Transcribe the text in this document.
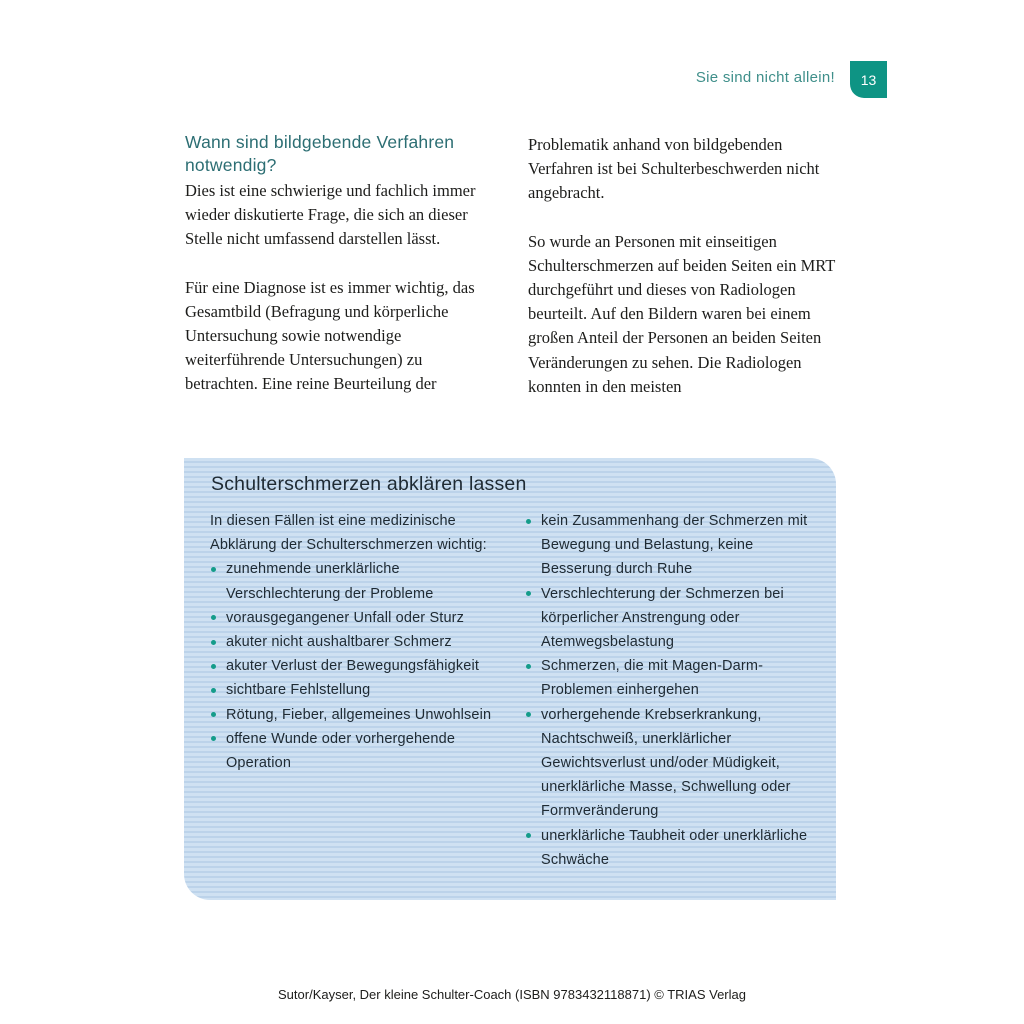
Sie sind nicht allein!	13
Wann sind bildgebende Verfahren notwendig?

Dies ist eine schwierige und fachlich immer wieder diskutierte Frage, die sich an dieser Stelle nicht umfassend darstellen lässt.

Für eine Diagnose ist es immer wichtig, das Gesamtbild (Befragung und körperliche Untersuchung sowie notwendige weiterführende Untersuchungen) zu betrachten. Eine reine Beurteilung der

Problematik anhand von bildgebenden Verfahren ist bei Schulterbeschwerden nicht angebracht.

So wurde an Personen mit einseitigen Schulterschmerzen auf beiden Seiten ein MRT durchgeführt und dieses von Radiologen beurteilt. Auf den Bildern waren bei einem großen Anteil der Personen an beiden Seiten Veränderungen zu sehen. Die Radiologen konnten in den meisten

Schulterschmerzen abklären lassen

In diesen Fällen ist eine medizinische Abklärung der Schulterschmerzen wichtig:

zunehmende unerklärliche Verschlechterung der Probleme
vorausgegangener Unfall oder Sturz
akuter nicht aushaltbarer Schmerz
akuter Verlust der Bewegungsfähigkeit
sichtbare Fehlstellung
Rötung, Fieber, allgemeines Unwohlsein
offene Wunde oder vorhergehende Operation
kein Zusammenhang der Schmerzen mit Bewegung und Belastung, keine Besserung durch Ruhe
Verschlechterung der Schmerzen bei körperlicher Anstrengung oder Atemwegsbelastung
Schmerzen, die mit Magen-Darm-Problemen einhergehen
vorhergehende Krebserkrankung, Nachtschweiß, unerklärlicher Gewichtsverlust und/oder Müdigkeit, unerklärliche Masse, Schwellung oder Formveränderung
unerklärliche Taubheit oder unerklärliche Schwäche
Sutor/Kayser, Der kleine Schulter-Coach (ISBN 9783432118871) © TRIAS Verlag
